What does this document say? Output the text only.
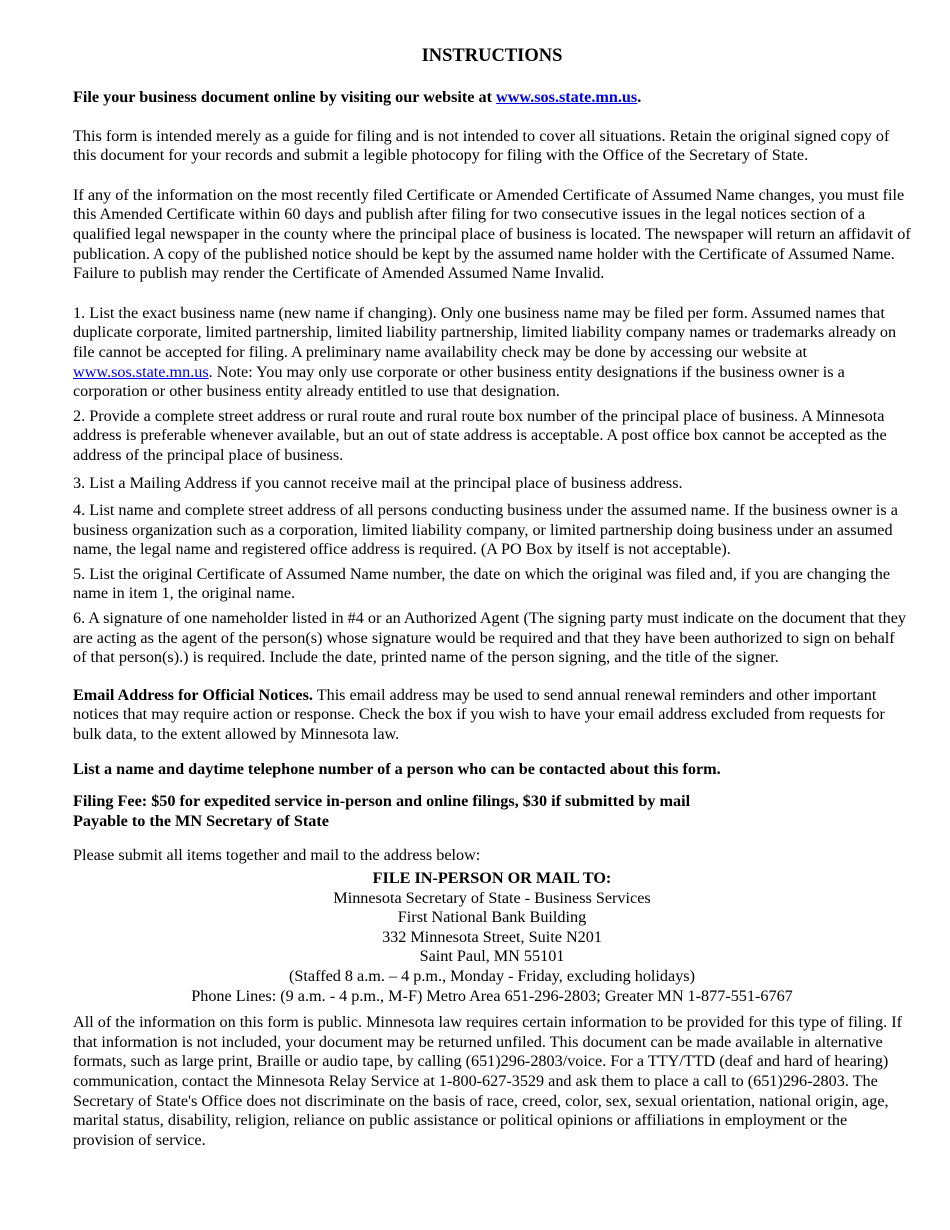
INSTRUCTIONS

File your business document online by visiting our website at www.sos.state.mn.us.

This form is intended merely as a guide for filing and is not intended to cover all situations. Retain the original signed copy of this document for your records and submit a legible photocopy for filing with the Office of the Secretary of State.

If any of the information on the most recently filed Certificate or Amended Certificate of Assumed Name changes, you must file this Amended Certificate within 60 days and publish after filing for two consecutive issues in the legal notices section of a qualified legal newspaper in the county where the principal place of business is located. The newspaper will return an affidavit of publication. A copy of the published notice should be kept by the assumed name holder with the Certificate of Assumed Name. Failure to publish may render the Certificate of Amended Assumed Name Invalid.

1. List the exact business name (new name if changing). Only one business name may be filed per form. Assumed names that duplicate corporate, limited partnership, limited liability partnership, limited liability company names or trademarks already on file cannot be accepted for filing. A preliminary name availability check may be done by accessing our website at www.sos.state.mn.us. Note: You may only use corporate or other business entity designations if the business owner is a corporation or other business entity already entitled to use that designation.

2. Provide a complete street address or rural route and rural route box number of the principal place of business. A Minnesota address is preferable whenever available, but an out of state address is acceptable. A post office box cannot be accepted as the address of the principal place of business.

3. List a Mailing Address if you cannot receive mail at the principal place of business address.

4. List name and complete street address of all persons conducting business under the assumed name. If the business owner is a business organization such as a corporation, limited liability company, or limited partnership doing business under an assumed name, the legal name and registered office address is required. (A PO Box by itself is not acceptable).

5. List the original Certificate of Assumed Name number, the date on which the original was filed and, if you are changing the name in item 1, the original name.

6. A signature of one nameholder listed in #4 or an Authorized Agent (The signing party must indicate on the document that they are acting as the agent of the person(s) whose signature would be required and that they have been authorized to sign on behalf of that person(s).) is required. Include the date, printed name of the person signing, and the title of the signer.

Email Address for Official Notices. This email address may be used to send annual renewal reminders and other important notices that may require action or response. Check the box if you wish to have your email address excluded from requests for bulk data, to the extent allowed by Minnesota law.

List a name and daytime telephone number of a person who can be contacted about this form.

Filing Fee: $50 for expedited service in-person and online filings, $30 if submitted by mail

Payable to the MN Secretary of State

Please submit all items together and mail to the address below:

FILE IN-PERSON OR MAIL TO:

Minnesota Secretary of State - Business Services

First National Bank Building

332 Minnesota Street, Suite N201

Saint Paul, MN 55101

(Staffed 8 a.m. – 4 p.m., Monday - Friday, excluding holidays)

Phone Lines: (9 a.m. - 4 p.m., M-F) Metro Area 651-296-2803; Greater MN 1-877-551-6767

All of the information on this form is public. Minnesota law requires certain information to be provided for this type of filing. If that information is not included, your document may be returned unfiled. This document can be made available in alternative formats, such as large print, Braille or audio tape, by calling (651)296-2803/voice. For a TTY/TTD (deaf and hard of hearing) communication, contact the Minnesota Relay Service at 1-800-627-3529 and ask them to place a call to (651)296-2803. The Secretary of State's Office does not discriminate on the basis of race, creed, color, sex, sexual orientation, national origin, age, marital status, disability, religion, reliance on public assistance or political opinions or affiliations in employment or the provision of service.
